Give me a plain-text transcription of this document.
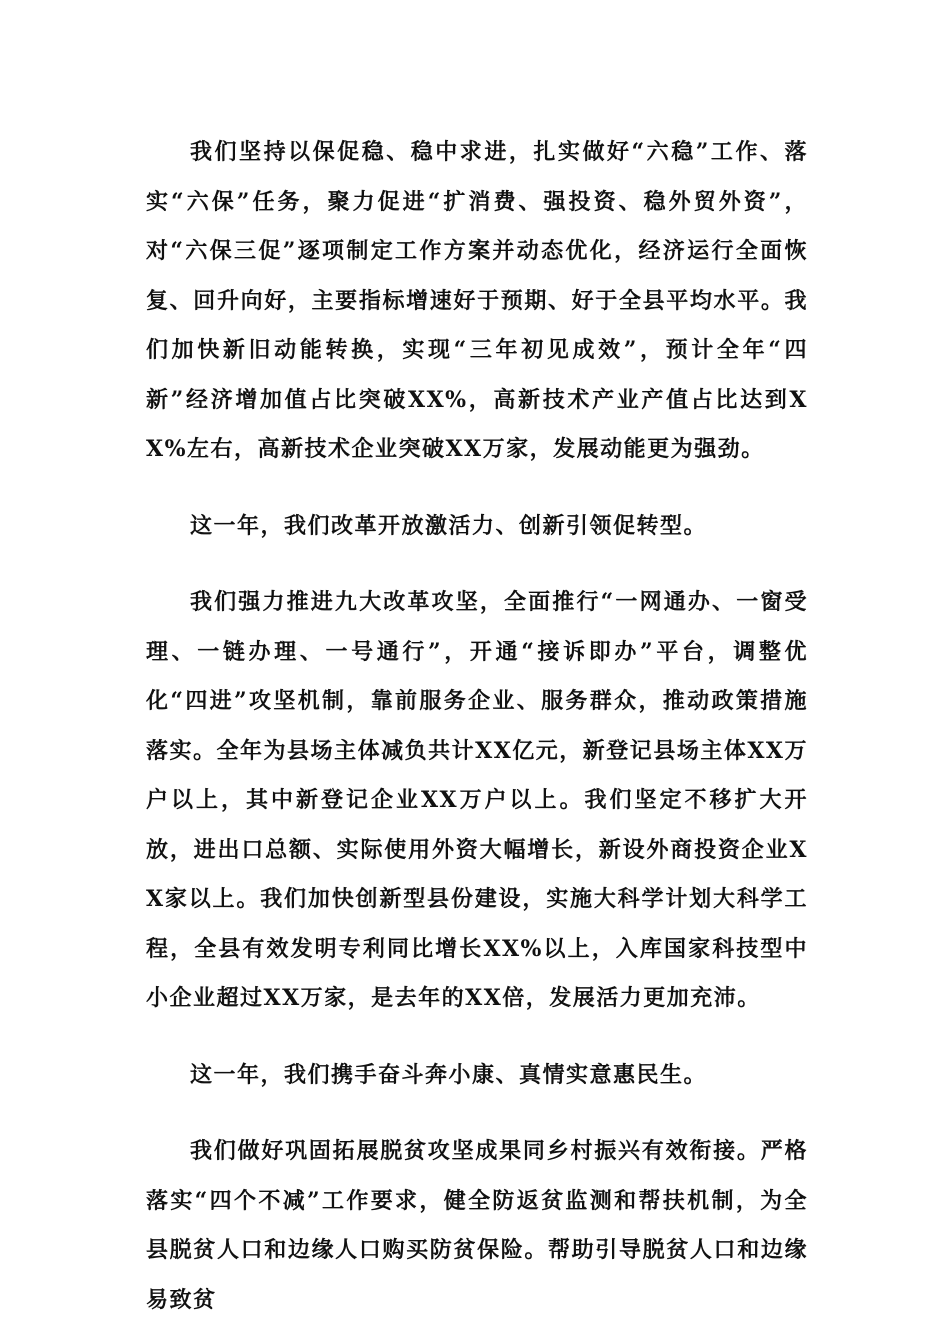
我们坚持以保促稳、稳中求进，扎实做好“六稳”工作、落实“六保”任务，聚力促进“扩消费、强投资、稳外贸外资”，对“六保三促”逐项制定工作方案并动态优化，经济运行全面恢复、回升向好，主要指标增速好于预期、好于全县平均水平。我们加快新旧动能转换，实现“三年初见成效”，预计全年“四新”经济增加值占比突破XX%，高新技术产业产值占比达到XX%左右，高新技术企业突破XX万家，发展动能更为强劲。

这一年，我们改革开放激活力、创新引领促转型。

我们强力推进九大改革攻坚，全面推行“一网通办、一窗受理、一链办理、一号通行”，开通“接诉即办”平台，调整优化“四进”攻坚机制，靠前服务企业、服务群众，推动政策措施落实。全年为县场主体减负共计XX亿元，新登记县场主体XX万户以上，其中新登记企业XX万户以上。我们坚定不移扩大开放，进出口总额、实际使用外资大幅增长，新设外商投资企业XX家以上。我们加快创新型县份建设，实施大科学计划大科学工程，全县有效发明专利同比增长XX%以上，入库国家科技型中小企业超过XX万家，是去年的XX倍，发展活力更加充沛。

这一年，我们携手奋斗奔小康、真情实意惠民生。

我们做好巩固拓展脱贫攻坚成果同乡村振兴有效衔接。严格落实“四个不减”工作要求，健全防返贫监测和帮扶机制，为全县脱贫人口和边缘人口购买防贫保险。帮助引导脱贫人口和边缘易致贫
